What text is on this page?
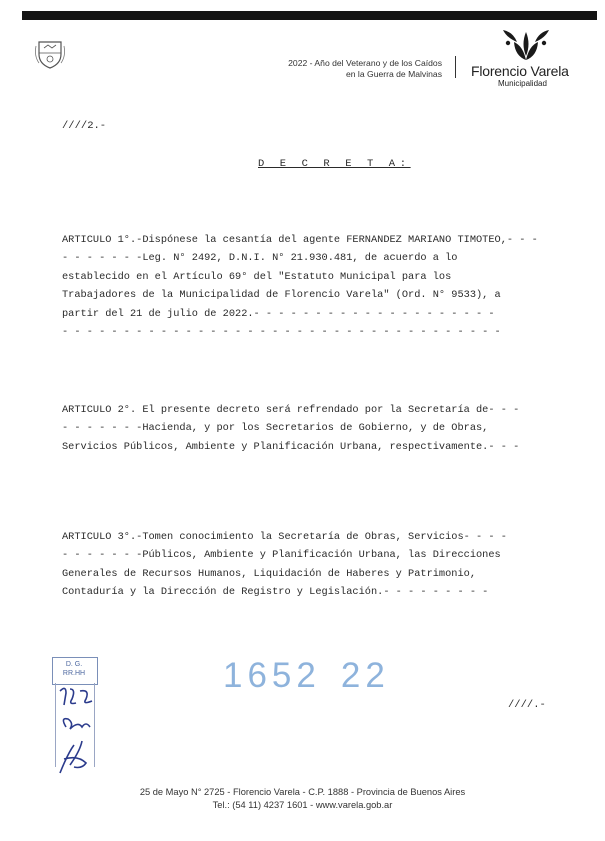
2022 - Año del Veterano y de los Caídos
en la Guerra de Malvinas Florencio Varela
Municipalidad
////2.-
D E C R E T A:
ARTICULO 1°.-Dispónese la cesantía del agente FERNANDEZ MARIANO TIMOTEO,- - -
- - - - - - -Leg. N° 2492, D.N.I. N° 21.930.481, de acuerdo a lo
establecido en el Artículo 69° del "Estatuto Municipal para los
Trabajadores de la Municipalidad de Florencio Varela" (Ord. N° 9533), a
partir del 21 de julio de 2022.- - - - - - - - - - - - - - - - - - - -
- - - - - - - - - - - - - - - - - - - - - - - - - - - - - - - - - - - -
ARTICULO 2°. El presente decreto será refrendado por la Secretaría de- - -
- - - - - - -Hacienda, y por los Secretarios de Gobierno, y de Obras,
Servicios Públicos, Ambiente y Planificación Urbana, respectivamente.- - -
ARTICULO 3°.-Tomen conocimiento la Secretaría de Obras, Servicios- - - -
- - - - - - -Públicos, Ambiente y Planificación Urbana, las Direcciones
Generales de Recursos Humanos, Liquidación de Haberes y Patrimonio,
Contaduría y la Dirección de Registro y Legislación.- - - - - - - - -
D. G.
RR.HH	1652 22
////.-
25 de Mayo N° 2725 - Florencio Varela - C.P. 1888 - Provincia de Buenos Aires
Tel.: (54 11) 4237 1601 - www.varela.gob.ar
